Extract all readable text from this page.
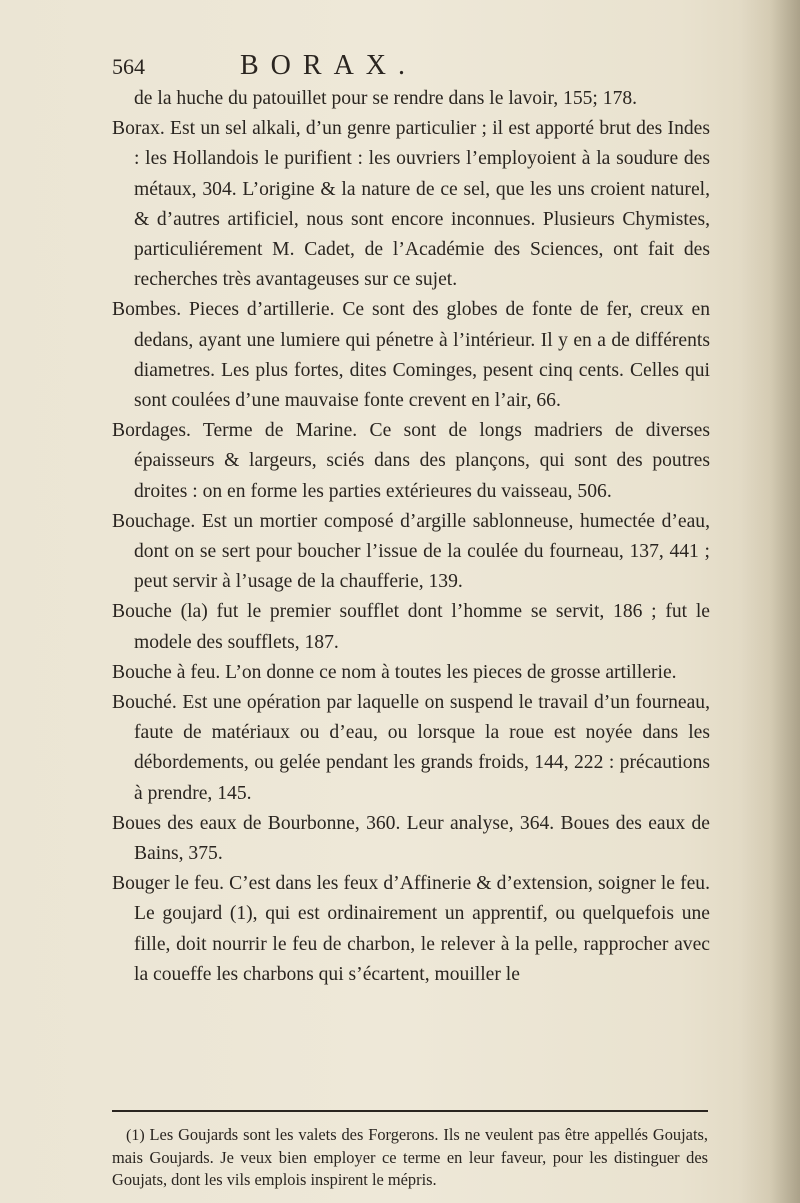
564	BORAX.

de la huche du patouillet pour se rendre dans le lavoir, 155; 178.

Borax. Est un sel alkali, d’un genre particulier ; il est apporté brut des Indes : les Hollandois le purifient : les ouvriers l’employoient à la soudure des métaux, 304. L’origine & la nature de ce sel, que les uns croient naturel, & d’autres artificiel, nous sont encore inconnues. Plusieurs Chymistes, particuliérement M. Cadet, de l’Académie des Sciences, ont fait des recherches très avantageuses sur ce sujet.

Bombes. Pieces d’artillerie. Ce sont des globes de fonte de fer, creux en dedans, ayant une lumiere qui pénetre à l’intérieur. Il y en a de différents diametres. Les plus fortes, dites Cominges, pesent cinq cents. Celles qui sont coulées d’une mauvaise fonte crevent en l’air, 66.

Bordages. Terme de Marine. Ce sont de longs madriers de diverses épaisseurs & largeurs, sciés dans des plançons, qui sont des poutres droites : on en forme les parties extérieures du vaisseau, 506.

Bouchage. Est un mortier composé d’argille sablonneuse, humectée d’eau, dont on se sert pour boucher l’issue de la coulée du fourneau, 137, 441 ; peut servir à l’usage de la chaufferie, 139.

Bouche (la) fut le premier soufflet dont l’homme se servit, 186 ; fut le modele des soufflets, 187.

Bouche à feu. L’on donne ce nom à toutes les pieces de grosse artillerie.

Bouché. Est une opération par laquelle on suspend le travail d’un fourneau, faute de matériaux ou d’eau, ou lorsque la roue est noyée dans les débordements, ou gelée pendant les grands froids, 144, 222 : précautions à prendre, 145.

Boues des eaux de Bourbonne, 360. Leur analyse, 364. Boues des eaux de Bains, 375.

Bouger le feu. C’est dans les feux d’Affinerie & d’extension, soigner le feu. Le goujard (1), qui est ordinairement un apprentif, ou quelquefois une fille, doit nourrir le feu de charbon, le relever à la pelle, rapprocher avec la coueffe les charbons qui s’écartent, mouiller le

(1) Les Goujards sont les valets des Forgerons. Ils ne veulent pas être appellés Goujats, mais Goujards. Je veux bien employer ce terme en leur faveur, pour les distinguer des Goujats, dont les vils emplois inspirent le mépris.
